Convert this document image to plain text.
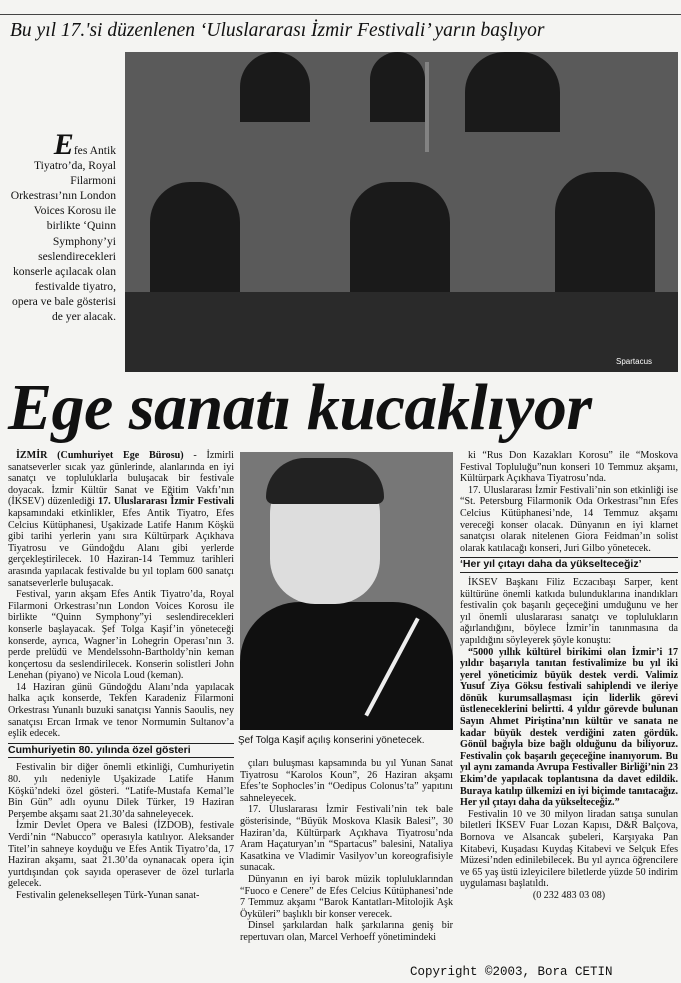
Bu yıl 17.'si düzenlenen ‘Uluslararası İzmir Festivali’ yarın başlıyor
Spartacus
Efes Antik Tiyatro’da, Royal Filarmoni Orkestrası’nın London Voices Korosu ile birlikte ‘Quinn Symphony’yi seslendirecekleri konserle açılacak olan festivalde tiyatro, opera ve bale gösterisi de yer alacak.
Ege sanatı kucaklıyor

İZMİR (Cumhuriyet Ege Bürosu) - İzmirli sanatseverler sıcak yaz günlerinde, alanlarında en iyi sanatçı ve topluluklarla buluşacak bir festivale doyacak. İzmir Kültür Sanat ve Eğitim Vakfı’nın (İKSEV) düzenlediği 17. Uluslararası İzmir Festivali kapsamındaki etkinlikler, Efes Antik Tiyatro, Efes Celcius Kütüphanesi, Uşakizade Latife Hanım Köşkü gibi tarihi yerlerin yanı sıra Kültürpark Açıkhava Tiyatrosu ve Gündoğdu Alanı gibi yerlerde gerçekleştirilecek. 10 Haziran-14 Temmuz tarihleri arasında yapılacak festivalde bu yıl toplam 600 sanatçı sanatseverlerle buluşacak.

Festival, yarın akşam Efes Antik Tiyatro’da, Royal Filarmoni Orkestrası’nın London Voices Korosu ile birlikte “Quinn Symphony”yi seslendirecekleri konserle başlayacak. Şef Tolga Kaşif’in yöneteceği konserde, ayrıca, Wagner’in Lohegrin Operası’nın 3. perde prelüdü ve Mendelssohn-Bartholdy’nin keman konçertosu da seslendirilecek. Konserin solistleri John Lenehan (piyano) ve Nicola Loud (keman).

14 Haziran günü Gündoğdu Alanı’nda yapılacak halka açık konserde, Tekfen Karadeniz Filarmoni Orkestrası Yunanlı buzuki sanatçısı Yannis Saoulis, ney sanatçısı Ercan Irmak ve tenor Normumin Sultanov’a eşlik edecek.

Cumhuriyetin 80. yılında özel gösteri

Festivalin bir diğer önemli etkinliği, Cumhuriyetin 80. yılı nedeniyle Uşakizade Latife Hanım Köşkü’ndeki özel gösteri. “Latife-Mustafa Kemal’le Bin Gün” adlı oyunu Dilek Türker, 19 Haziran Perşembe akşamı saat 21.30’da sahneleyecek.

İzmir Devlet Opera ve Balesi (İZDOB), festivale Verdi’nin “Nabucco” operasıyla katılıyor. Aleksander Titel’in sahneye koyduğu ve Efes Antik Tiyatro’da, 17 Haziran akşamı, saat 21.30’da oynanacak opera için yurtdışından çok sayıda operasever de özel turlarla gelecek.

Festivalin gelenekselleşen Türk-Yunan sanat-

Şef Tolga Kaşif açılış konserini yönetecek.

çıları buluşması kapsamında bu yıl Yunan Sanat Tiyatrosu “Karolos Koun”, 26 Haziran akşamı Efes’te Sophocles’in “Oedipus Colonus’ta” yapıtını sahneleyecek.

17. Uluslararası İzmir Festivali’nin tek bale gösterisinde, “Büyük Moskova Klasik Balesi”, 30 Haziran’da, Kültürpark Açıkhava Tiyatrosu’nda Aram Haçaturyan’ın “Spartacus” balesini, Nataliya Kasatkina ve Vladimir Vasilyov’un koreografisiyle sunacak.

Dünyanın en iyi barok müzik topluluklarından “Fuoco e Cenere” de Efes Celcius Kütüphanesi’nde 7 Temmuz akşamı “Barok Kantatları-Mitolojik Aşk Öyküleri” başlıklı bir konser verecek.

Dinsel şarkılardan halk şarkılarına geniş bir repertuvarı olan, Marcel Verhoeff yönetimindeki

ki “Rus Don Kazakları Korosu” ile “Moskova Festival Topluluğu”nun konseri 10 Temmuz akşamı, Kültürpark Açıkhava Tiyatrosu’nda.

17. Uluslararası İzmir Festivali’nin son etkinliği ise “St. Petersburg Filarmonik Oda Orkestrası”nın Efes Celcius Kütüphanesi’nde, 14 Temmuz akşamı vereceği konser olacak. Dünyanın en iyi klarnet sanatçısı olarak nitelenen Giora Feidman’ın solist olarak katılacağı konseri, Juri Gilbo yönetecek.

‘Her yıl çıtayı daha da yükselteceğiz’

İKSEV Başkanı Filiz Eczacıbaşı Sarper, kent kültürüne önemli katkıda bulunduklarına inandıkları festivalin çok başarılı geçeceğini umduğunu ve her yıl önemli uluslararası sanatçı ve toplulukların ağırlandığını, böylece İzmir’in tanınmasına da yapıldığını söyleyerek şöyle konuştu:

“5000 yıllık kültürel birikimi olan İzmir’i 17 yıldır başarıyla tanıtan festivalimize bu yıl iki yerel yöneticimiz büyük destek verdi. Valimiz Yusuf Ziya Göksu festivali sahiplendi ve ileriye dönük kurumsallaşması için liderlik görevi üstleneceklerini belirtti. 4 yıldır görevde bulunan Sayın Ahmet Piriştina’nın kültür ve sanata ne kadar büyük destek verdiğini zaten gördük. Gönül bağıyla bize bağlı olduğunu da biliyoruz. Festivalin çok başarılı geçeceğine inanıyorum. Bu yıl aynı zamanda Avrupa Festivaller Birliği’nin 23 Ekim’de yapılacak toplantısına da davet edildik. Buraya katılıp ülkemizi en iyi biçimde tanıtacağız. Her yıl çıtayı daha da yükselteceğiz.”

Festivalin 10 ve 30 milyon liradan satışa sunulan biletleri İKSEV Fuar Lozan Kapısı, D&R Balçova, Bornova ve Alsancak şubeleri, Karşıyaka Pan Kitabevi, Kuşadası Kuydaş Kitabevi ve Selçuk Efes Müzesi’nden edinilebilecek. Bu yıl ayrıca öğrencilere ve 65 yaş üstü izleyicilere biletlerde yüzde 50 indirim uygulaması başlatıldı.

(0 232 483 03 08)

Copyright ©2003, Bora CETIN
